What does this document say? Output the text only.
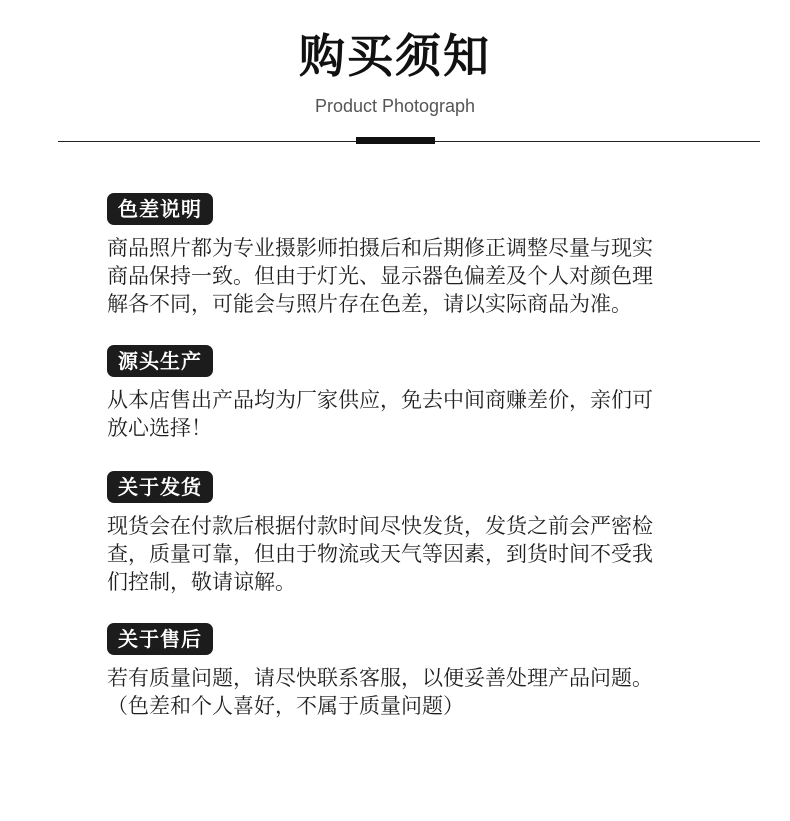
购买须知
Product Photograph
色差说明
商品照片都为专业摄影师拍摄后和后期修正调整尽量与现实
商品保持一致。但由于灯光、显示器色偏差及个人对颜色理
解各不同，可能会与照片存在色差，请以实际商品为准。
源头生产
从本店售出产品均为厂家供应，免去中间商赚差价，亲们可
放心选择！
关于发货
现货会在付款后根据付款时间尽快发货，发货之前会严密检
查，质量可靠，但由于物流或天气等因素，到货时间不受我
们控制，敬请谅解。
关于售后
若有质量问题，请尽快联系客服，以便妥善处理产品问题。
（色差和个人喜好，不属于质量问题）
